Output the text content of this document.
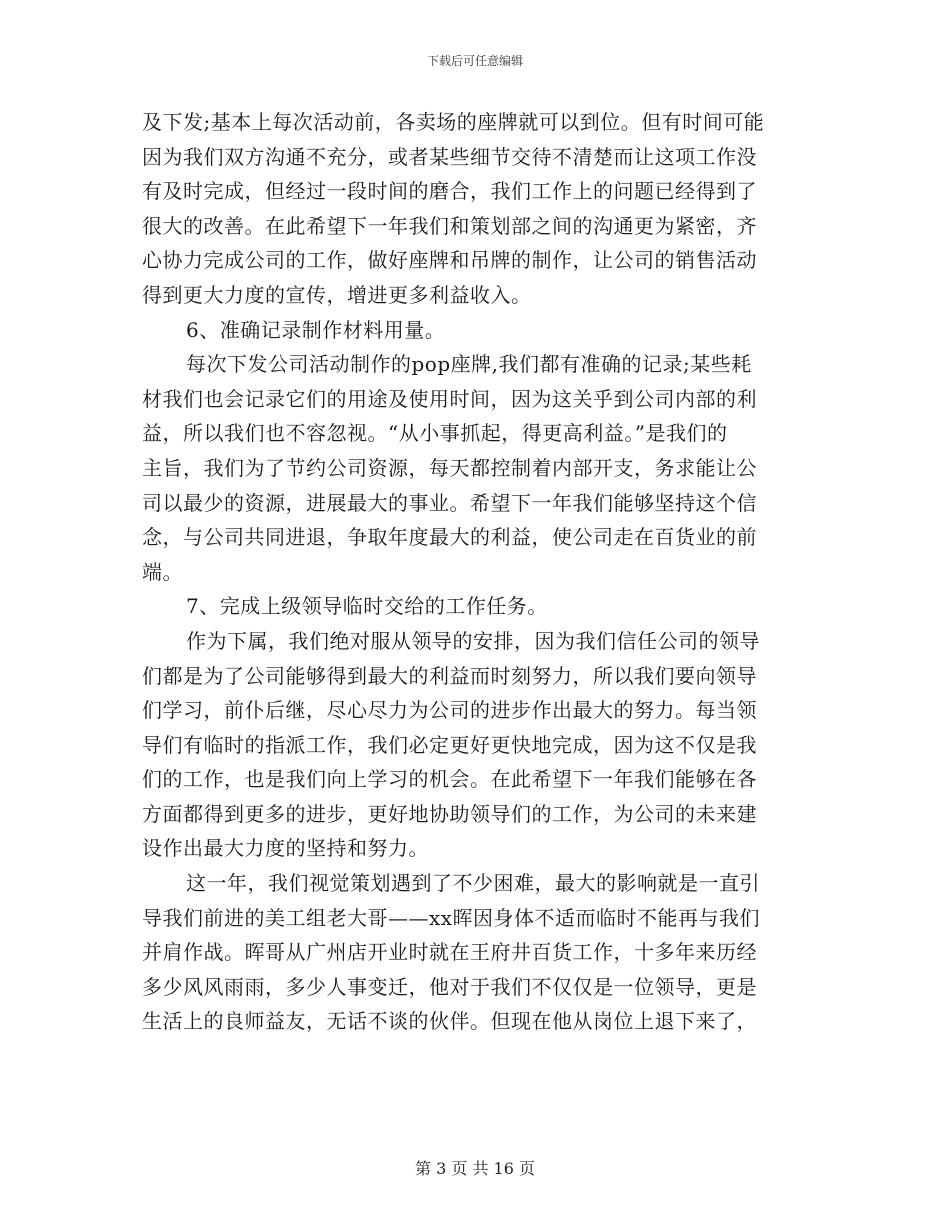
下载后可任意编辑
及下发;基本上每次活动前，各卖场的座牌就可以到位。但有时间可能
因为我们双方沟通不充分，或者某些细节交待不清楚而让这项工作没
有及时完成，但经过一段时间的磨合，我们工作上的问题已经得到了
很大的改善。在此希望下一年我们和策划部之间的沟通更为紧密，齐
心协力完成公司的工作，做好座牌和吊牌的制作，让公司的销售活动
得到更大力度的宣传，增进更多利益收入。
6、准确记录制作材料用量。
每次下发公司活动制作的pop座牌,我们都有准确的记录;某些耗
材我们也会记录它们的用途及使用时间，因为这关乎到公司内部的利
益，所以我们也不容忽视。“从小事抓起，得更高利益。”是我们的
主旨，我们为了节约公司资源，每天都控制着内部开支，务求能让公
司以最少的资源，进展最大的事业。希望下一年我们能够坚持这个信
念，与公司共同进退，争取年度最大的利益，使公司走在百货业的前
端。
7、完成上级领导临时交给的工作任务。
作为下属，我们绝对服从领导的安排，因为我们信任公司的领导
们都是为了公司能够得到最大的利益而时刻努力，所以我们要向领导
们学习，前仆后继，尽心尽力为公司的进步作出最大的努力。每当领
导们有临时的指派工作，我们必定更好更快地完成，因为这不仅是我
们的工作，也是我们向上学习的机会。在此希望下一年我们能够在各
方面都得到更多的进步，更好地协助领导们的工作，为公司的未来建
设作出最大力度的坚持和努力。
这一年，我们视觉策划遇到了不少困难，最大的影响就是一直引
导我们前进的美工组老大哥——xx晖因身体不适而临时不能再与我们
并肩作战。晖哥从广州店开业时就在王府井百货工作，十多年来历经
多少风风雨雨，多少人事变迁，他对于我们不仅仅是一位领导，更是
生活上的良师益友，无话不谈的伙伴。但现在他从岗位上退下来了，
第 3 页 共 16 页
